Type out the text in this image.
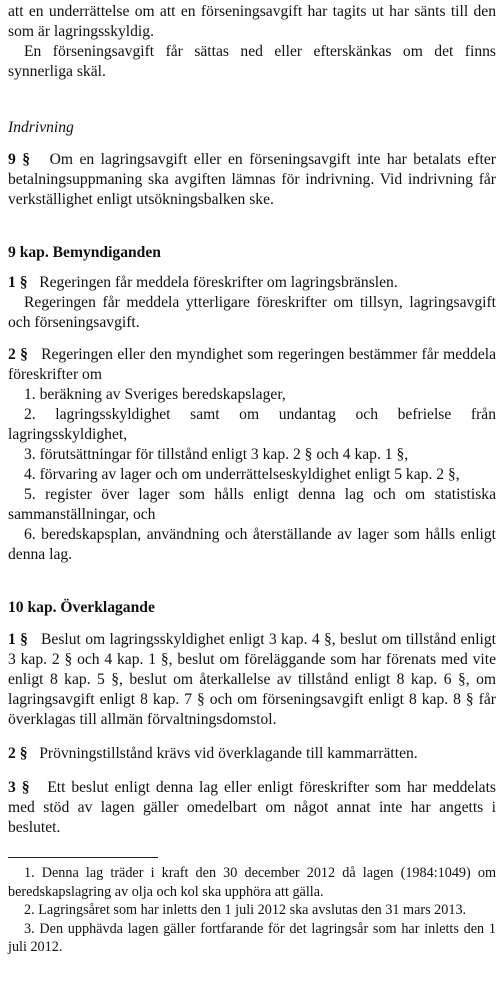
att en underrättelse om att en förseningsavgift har tagits ut har sänts till den som är lagringsskyldig.

En förseningsavgift får sättas ned eller efterskänkas om det finns synnerliga skäl.

Indrivning

9 § Om en lagringsavgift eller en förseningsavgift inte har betalats efter betalningsuppmaning ska avgiften lämnas för indrivning. Vid indrivning får verkställighet enligt utsökningsbalken ske.

9 kap. Bemyndiganden

1 § Regeringen får meddela föreskrifter om lagringsbränslen.

Regeringen får meddela ytterligare föreskrifter om tillsyn, lagringsavgift och förseningsavgift.

2 § Regeringen eller den myndighet som regeringen bestämmer får meddela föreskrifter om

1. beräkning av Sveriges beredskapslager,

2. lagringsskyldighet samt om undantag och befrielse från lagringsskyldighet,

3. förutsättningar för tillstånd enligt 3 kap. 2 § och 4 kap. 1 §,

4. förvaring av lager och om underrättelseskyldighet enligt 5 kap. 2 §,

5. register över lager som hålls enligt denna lag och om statistiska sammanställningar, och

6. beredskapsplan, användning och återställande av lager som hålls enligt denna lag.

10 kap. Överklagande

1 § Beslut om lagringsskyldighet enligt 3 kap. 4 §, beslut om tillstånd enligt 3 kap. 2 § och 4 kap. 1 §, beslut om föreläggande som har förenats med vite enligt 8 kap. 5 §, beslut om återkallelse av tillstånd enligt 8 kap. 6 §, om lagringsavgift enligt 8 kap. 7 § och om förseningsavgift enligt 8 kap. 8 § får överklagas till allmän förvaltningsdomstol.

2 § Prövningstillstånd krävs vid överklagande till kammarrätten.

3 § Ett beslut enligt denna lag eller enligt föreskrifter som har meddelats med stöd av lagen gäller omedelbart om något annat inte har angetts i beslutet.

1. Denna lag träder i kraft den 30 december 2012 då lagen (1984:1049) om beredskapslagring av olja och kol ska upphöra att gälla.

2. Lagringsåret som har inletts den 1 juli 2012 ska avslutas den 31 mars 2013.

3. Den upphävda lagen gäller fortfarande för det lagringsår som har inletts den 1 juli 2012.
